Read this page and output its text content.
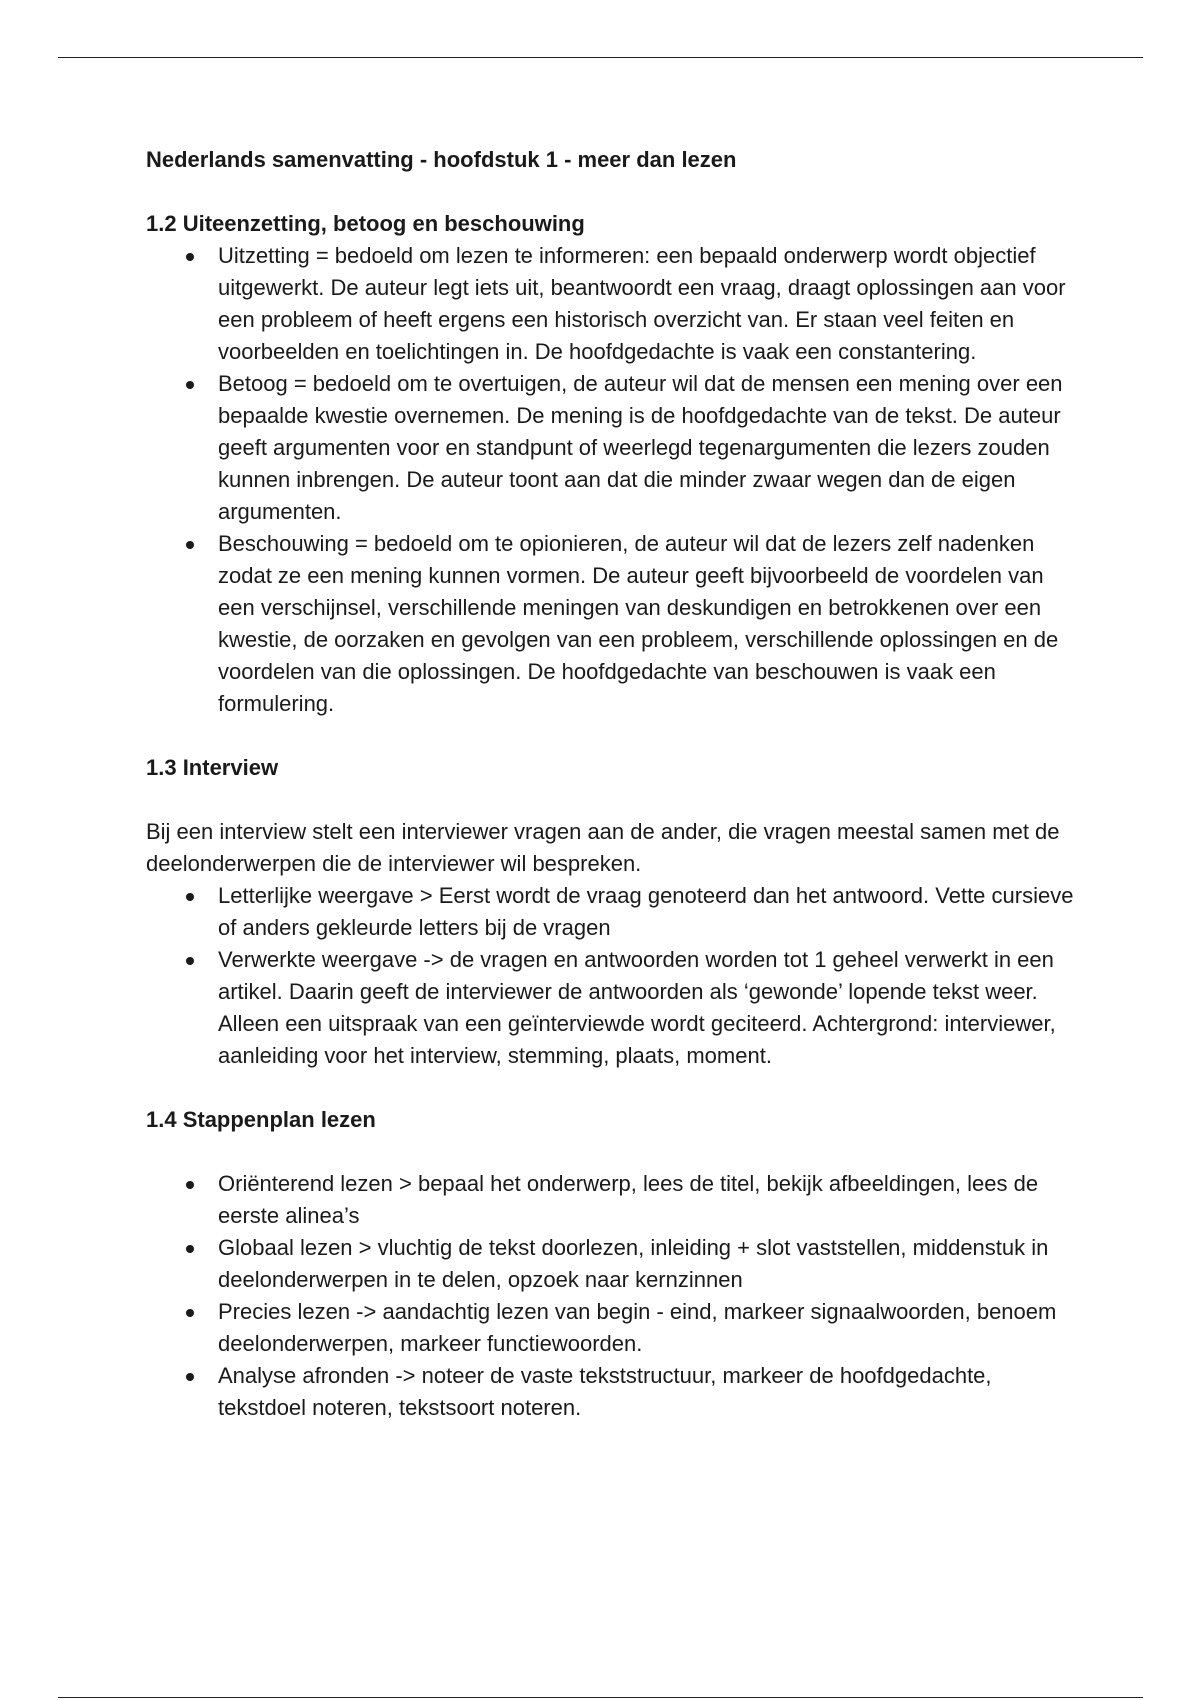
Nederlands samenvatting - hoofdstuk 1 - meer dan lezen

1.2 Uiteenzetting, betoog en beschouwing

Uitzetting = bedoeld om lezen te informeren: een bepaald onderwerp wordt objectief uitgewerkt. De auteur legt iets uit, beantwoordt een vraag, draagt oplossingen aan voor een probleem of heeft ergens een historisch overzicht van. Er staan veel feiten en voorbeelden en toelichtingen in. De hoofdgedachte is vaak een constantering.
Betoog = bedoeld om te overtuigen, de auteur wil dat de mensen een mening over een bepaalde kwestie overnemen. De mening is de hoofdgedachte van de tekst. De auteur geeft argumenten voor en standpunt of weerlegd tegenargumenten die lezers zouden kunnen inbrengen. De auteur toont aan dat die minder zwaar wegen dan de eigen argumenten.
Beschouwing = bedoeld om te opionieren, de auteur wil dat de lezers zelf nadenken zodat ze een mening kunnen vormen. De auteur geeft bijvoorbeeld de voordelen van een verschijnsel, verschillende meningen van deskundigen en betrokkenen over een kwestie, de oorzaken en gevolgen van een probleem, verschillende oplossingen en de voordelen van die oplossingen. De hoofdgedachte van beschouwen is vaak een formulering.

1.3 Interview

Bij een interview stelt een interviewer vragen aan de ander, die vragen meestal samen met de deelonderwerpen die de interviewer wil bespreken.

Letterlijke weergave > Eerst wordt de vraag genoteerd dan het antwoord. Vette cursieve of anders gekleurde letters bij de vragen
Verwerkte weergave -> de vragen en antwoorden worden tot 1 geheel verwerkt in een artikel. Daarin geeft de interviewer de antwoorden als ‘gewonde’ lopende tekst weer. Alleen een uitspraak van een geïnterviewde wordt geciteerd. Achtergrond: interviewer, aanleiding voor het interview, stemming, plaats, moment.

1.4 Stappenplan lezen

Oriënterend lezen > bepaal het onderwerp, lees de titel, bekijk afbeeldingen, lees de eerste alinea’s
Globaal lezen > vluchtig de tekst doorlezen, inleiding + slot vaststellen, middenstuk in deelonderwerpen in te delen, opzoek naar kernzinnen
Precies lezen -> aandachtig lezen van begin - eind, markeer signaalwoorden, benoem deelonderwerpen, markeer functiewoorden.
Analyse afronden -> noteer de vaste tekststructuur, markeer de hoofdgedachte, tekstdoel noteren, tekstsoort noteren.
